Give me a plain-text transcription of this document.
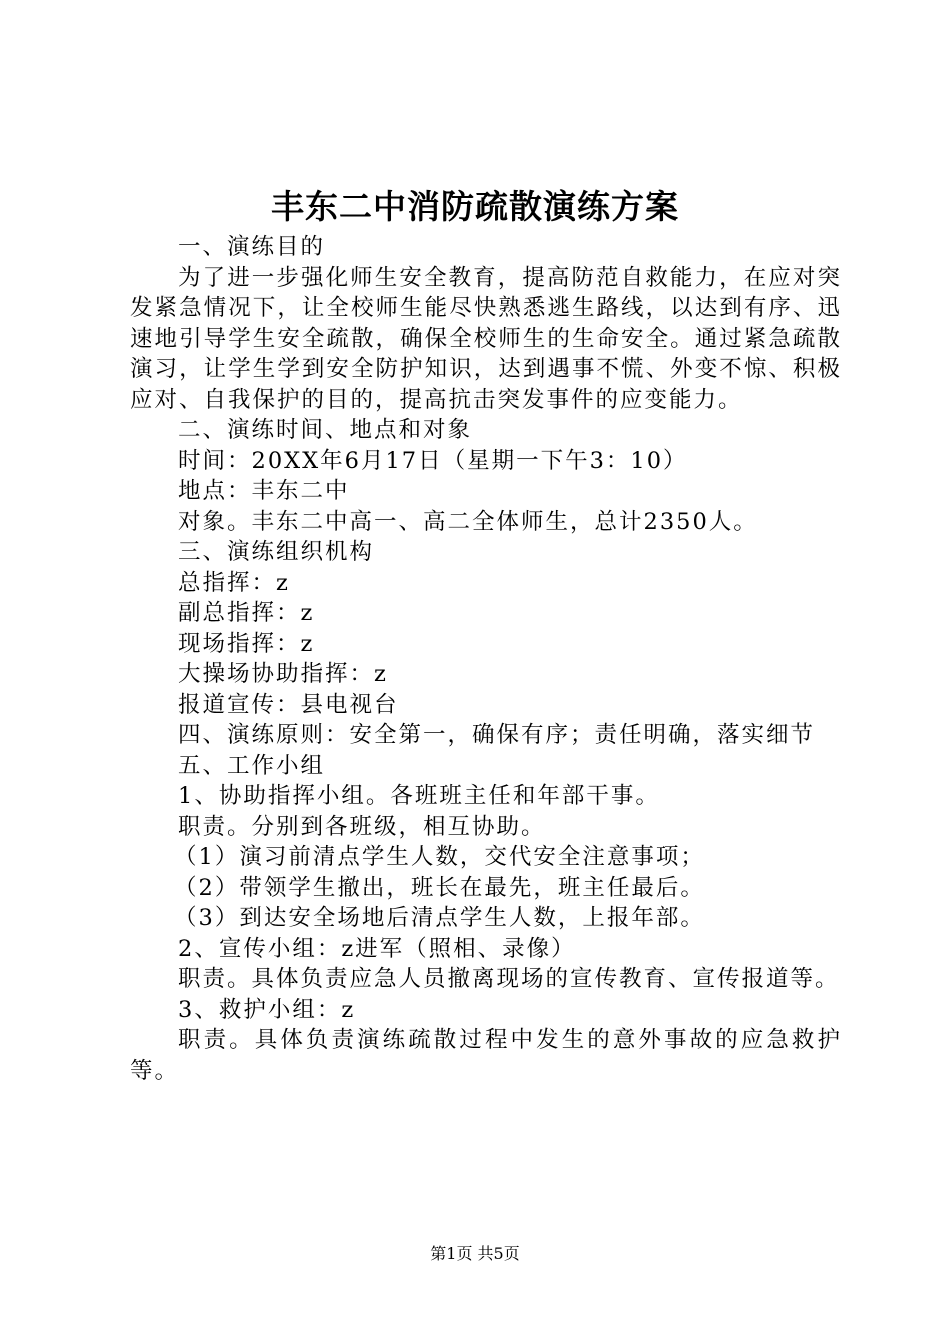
丰东二中消防疏散演练方案

一、演练目的

为了进一步强化师生安全教育，提高防范自救能力，在应对突发紧急情况下，让全校师生能尽快熟悉逃生路线，以达到有序、迅速地引导学生安全疏散，确保全校师生的生命安全。通过紧急疏散演习，让学生学到安全防护知识，达到遇事不慌、外变不惊、积极应对、自我保护的目的，提高抗击突发事件的应变能力。

二、演练时间、地点和对象

时间：20XX年6月17日（星期一下午3：10）

地点：丰东二中

对象。丰东二中高一、高二全体师生，总计2350人。

三、演练组织机构

总指挥：z

副总指挥：z

现场指挥：z

大操场协助指挥：z

报道宣传：县电视台

四、演练原则：安全第一，确保有序；责任明确，落实细节

五、工作小组

1、协助指挥小组。各班班主任和年部干事。

职责。分别到各班级，相互协助。

（1）演习前清点学生人数，交代安全注意事项；

（2）带领学生撤出，班长在最先，班主任最后。

（3）到达安全场地后清点学生人数，上报年部。

2、宣传小组：z进军（照相、录像）

职责。具体负责应急人员撤离现场的宣传教育、宣传报道等。

3、救护小组：z

职责。具体负责演练疏散过程中发生的意外事故的应急救护等。

第1页 共5页
